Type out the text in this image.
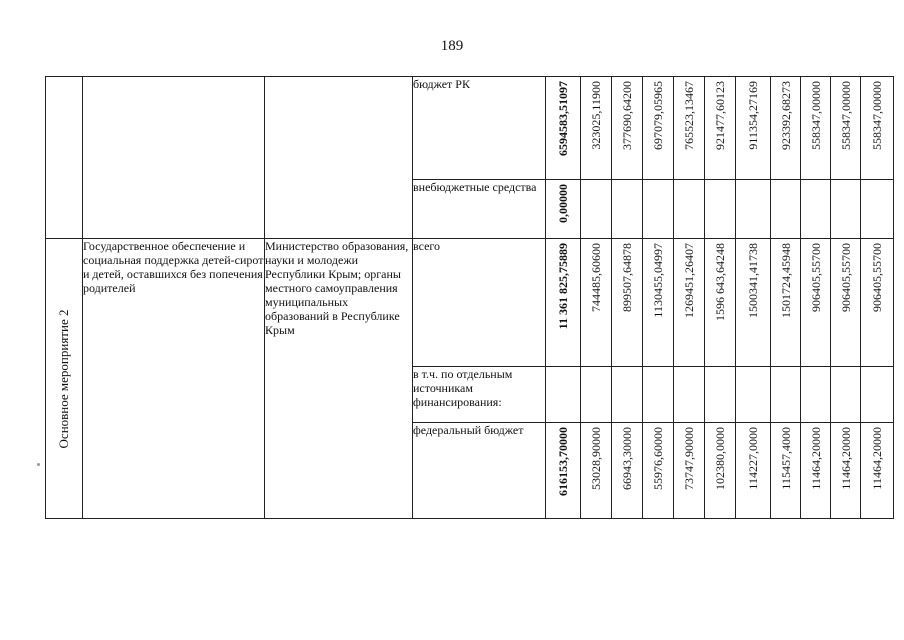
189
			бюджет РК	6594583,51097	323025,11900	377690,64200	697079,05965	765523,13467	921477,60123	911354,27169	923392,68273	558347,00000	558347,00000	558347,00000

			внебюджетные средства	0,00000										

Основное мероприятие 2	Государственное обеспечение и социальная поддержка детей-сирот и детей, оставшихся без попечения родителей	Министерство образования, науки и молодежи Республики Крым; органы местного самоуправления муниципальных образований в Республике Крым	всего	11 361 825,75889	744485,60600	899507,64878	1130455,04997	1269451,26407	1596 643,64248	1500341,41738	1501724,45948	906405,55700	906405,55700	906405,55700

			в т.ч. по отдельным источникам финансирования:	

			федеральный бюджет	616153,70000	53028,90000	66943,30000	55976,60000	73747,90000	102380,0000	114227,0000	115457,4000	11464,20000	11464,20000	11464,20000
